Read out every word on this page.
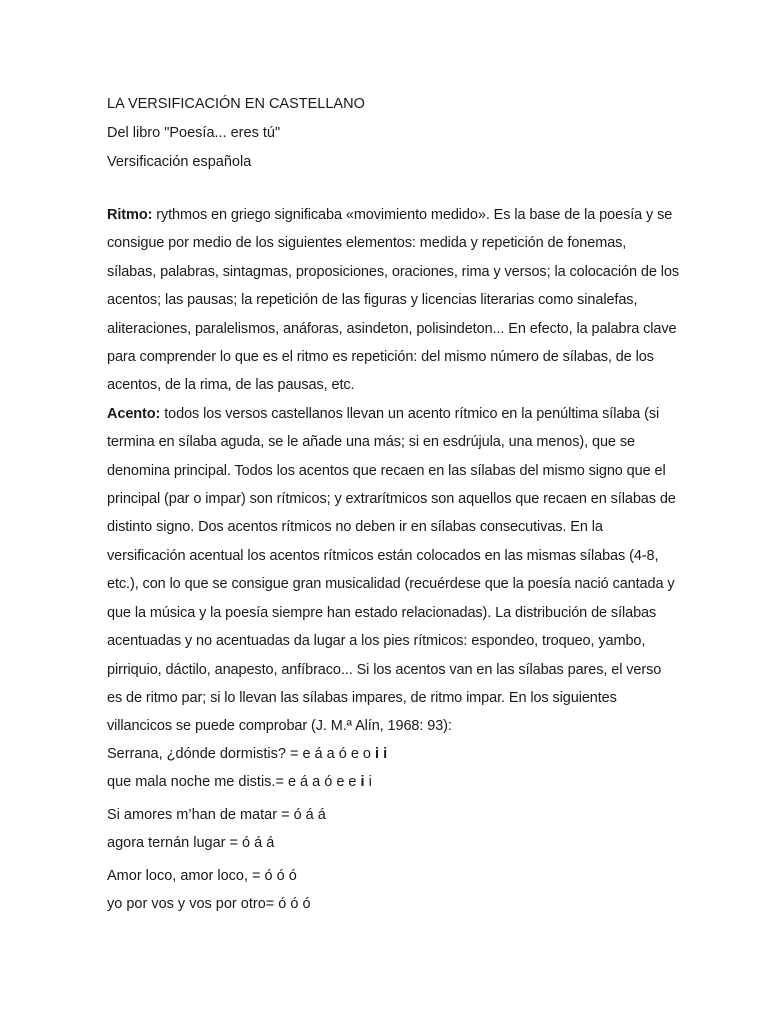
LA VERSIFICACIÓN EN CASTELLANO
Del libro "Poesía... eres tú"
Versificación española

Ritmo: rythmos en griego significaba «movimiento medido». Es la base de la poesía y se consigue por medio de los siguientes elementos: medida y repetición de fonemas, sílabas, palabras, sintagmas, proposiciones, oraciones, rima y versos; la colocación de los acentos; las pausas; la repetición de las figuras y licencias literarias como sinalefas, aliteraciones, paralelismos, anáforas, asindeton, polisindeton... En efecto, la palabra clave para comprender lo que es el ritmo es repetición: del mismo número de sílabas, de los acentos, de la rima, de las pausas, etc.

Acento: todos los versos castellanos llevan un acento rítmico en la penúltima sílaba (si termina en sílaba aguda, se le añade una más; si en esdrújula, una menos), que se denomina principal. Todos los acentos que recaen en las sílabas del mismo signo que el principal (par o impar) son rítmicos; y extrarítmicos son aquellos que recaen en sílabas de distinto signo. Dos acentos rítmicos no deben ir en sílabas consecutivas. En la versificación acentual los acentos rítmicos están colocados en las mismas sílabas (4-8, etc.), con lo que se consigue gran musicalidad (recuérdese que la poesía nació cantada y que la música y la poesía siempre han estado relacionadas). La distribución de sílabas acentuadas y no acentuadas da lugar a los pies rítmicos: espondeo, troqueo, yambo, pirriquio, dáctilo, anapesto, anfíbraco... Si los acentos van en las sílabas pares, el verso es de ritmo par; si lo llevan las sílabas impares, de ritmo impar. En los siguientes villancicos se puede comprobar (J. M.ª Alín, 1968: 93):

Serrana, ¿dónde dormistis? = e á a ó e o i i
que mala noche me distis.= e á a ó e e i i
Si amores m’han de matar = ó á á
agora ternán lugar = ó á á
Amor loco, amor loco, = ó ó ó
yo por vos y vos por otro= ó ó ó
